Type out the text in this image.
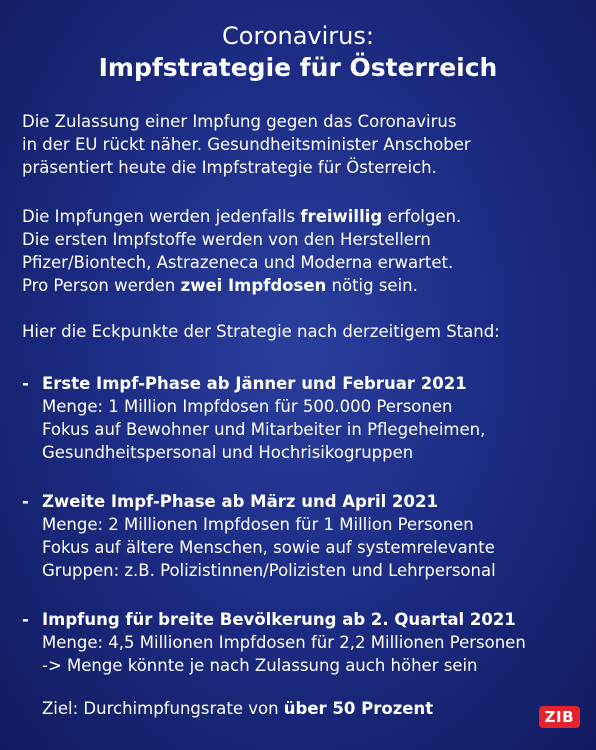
Coronavirus:
Impfstrategie für Österreich

Die Zulassung einer Impfung gegen das Coronavirus

in der EU rückt näher. Gesundheitsminister Anschober

präsentiert heute die Impfstrategie für Österreich.

Die Impfungen werden jedenfalls freiwillig erfolgen.

Die ersten Impfstoffe werden von den Herstellern

Pfizer/Biontech, Astrazeneca und Moderna erwartet.

Pro Person werden zwei Impfdosen nötig sein.

Hier die Eckpunkte der Strategie nach derzeitigem Stand:
- Erste Impf-Phase ab Jänner und Februar 2021
Menge: 1 Million Impfdosen für 500.000 Personen
Fokus auf Bewohner und Mitarbeiter in Pflegeheimen,
Gesundheitspersonal und Hochrisikogruppen
- Zweite Impf-Phase ab März und April 2021
Menge: 2 Millionen Impfdosen für 1 Million Personen
Fokus auf ältere Menschen, sowie auf systemrelevante
Gruppen: z.B. Polizistinnen/Polizisten und Lehrpersonal
- Impfung für breite Bevölkerung ab 2. Quartal 2021
Menge: 4,5 Millionen Impfdosen für 2,2 Millionen Personen
-> Menge könnte je nach Zulassung auch höher sein
Ziel: Durchimpfungsrate von über 50 Prozent	ZIB
